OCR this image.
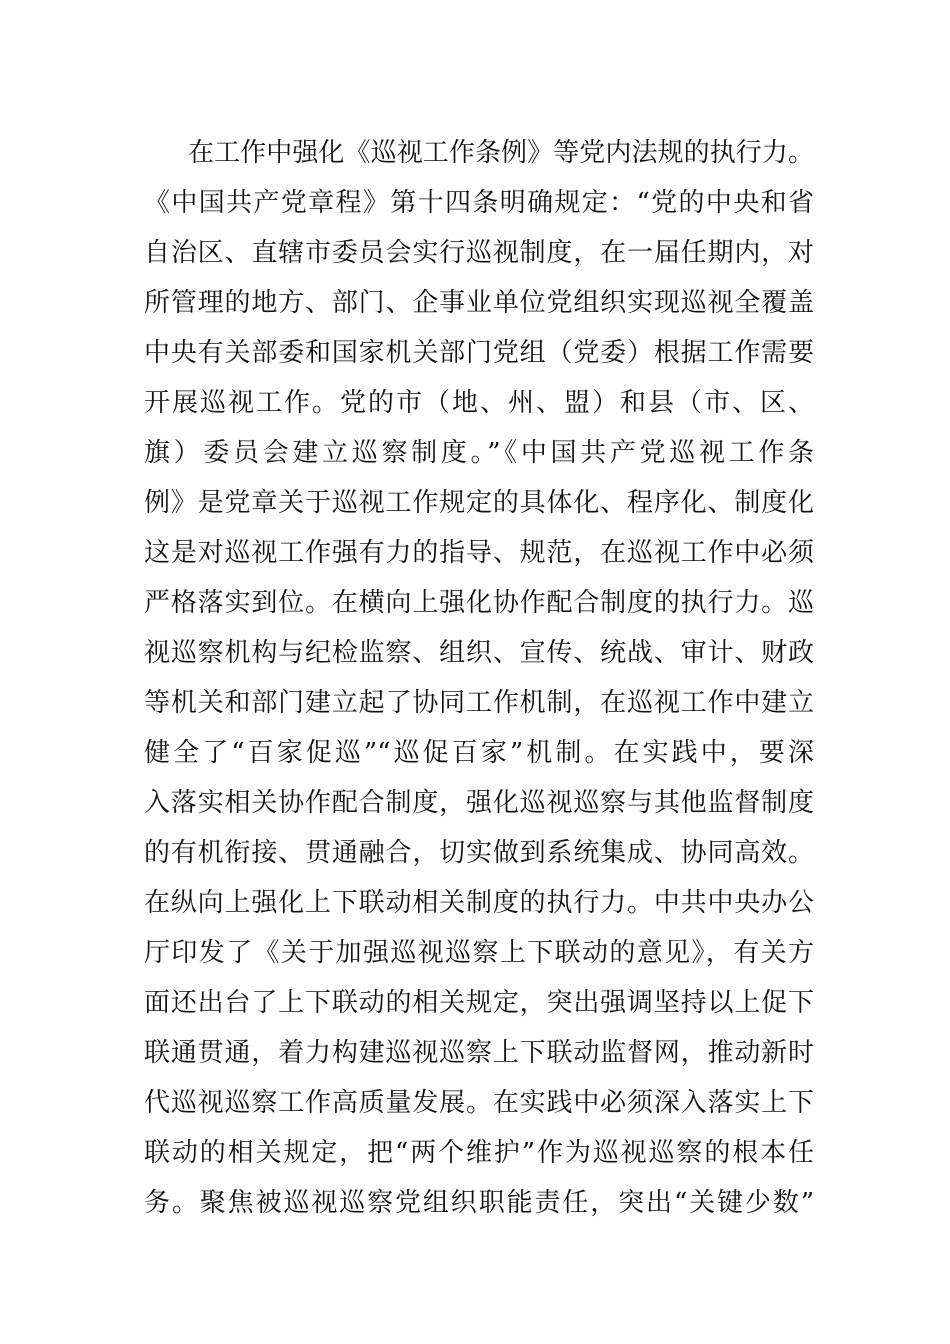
在工作中强化《巡视工作条例》等党内法规的执行力。
《中国共产党章程》第十四条明确规定：“党的中央和省
自治区、直辖市委员会实行巡视制度，在一届任期内，对
所管理的地方、部门、企事业单位党组织实现巡视全覆盖
中央有关部委和国家机关部门党组（党委）根据工作需要
开展巡视工作。党的市（地、州、盟）和县（市、区、
旗）委员会建立巡察制度。”《中国共产党巡视工作条
例》是党章关于巡视工作规定的具体化、程序化、制度化
这是对巡视工作强有力的指导、规范，在巡视工作中必须
严格落实到位。在横向上强化协作配合制度的执行力。巡
视巡察机构与纪检监察、组织、宣传、统战、审计、财政
等机关和部门建立起了协同工作机制，在巡视工作中建立
健全了“百家促巡”“巡促百家”机制。在实践中，要深
入落实相关协作配合制度，强化巡视巡察与其他监督制度
的有机衔接、贯通融合，切实做到系统集成、协同高效。
在纵向上强化上下联动相关制度的执行力。中共中央办公
厅印发了《关于加强巡视巡察上下联动的意见》，有关方
面还出台了上下联动的相关规定，突出强调坚持以上促下
联通贯通，着力构建巡视巡察上下联动监督网，推动新时
代巡视巡察工作高质量发展。在实践中必须深入落实上下
联动的相关规定，把“两个维护”作为巡视巡察的根本任
务。聚焦被巡视巡察党组织职能责任，突出“关键少数”
